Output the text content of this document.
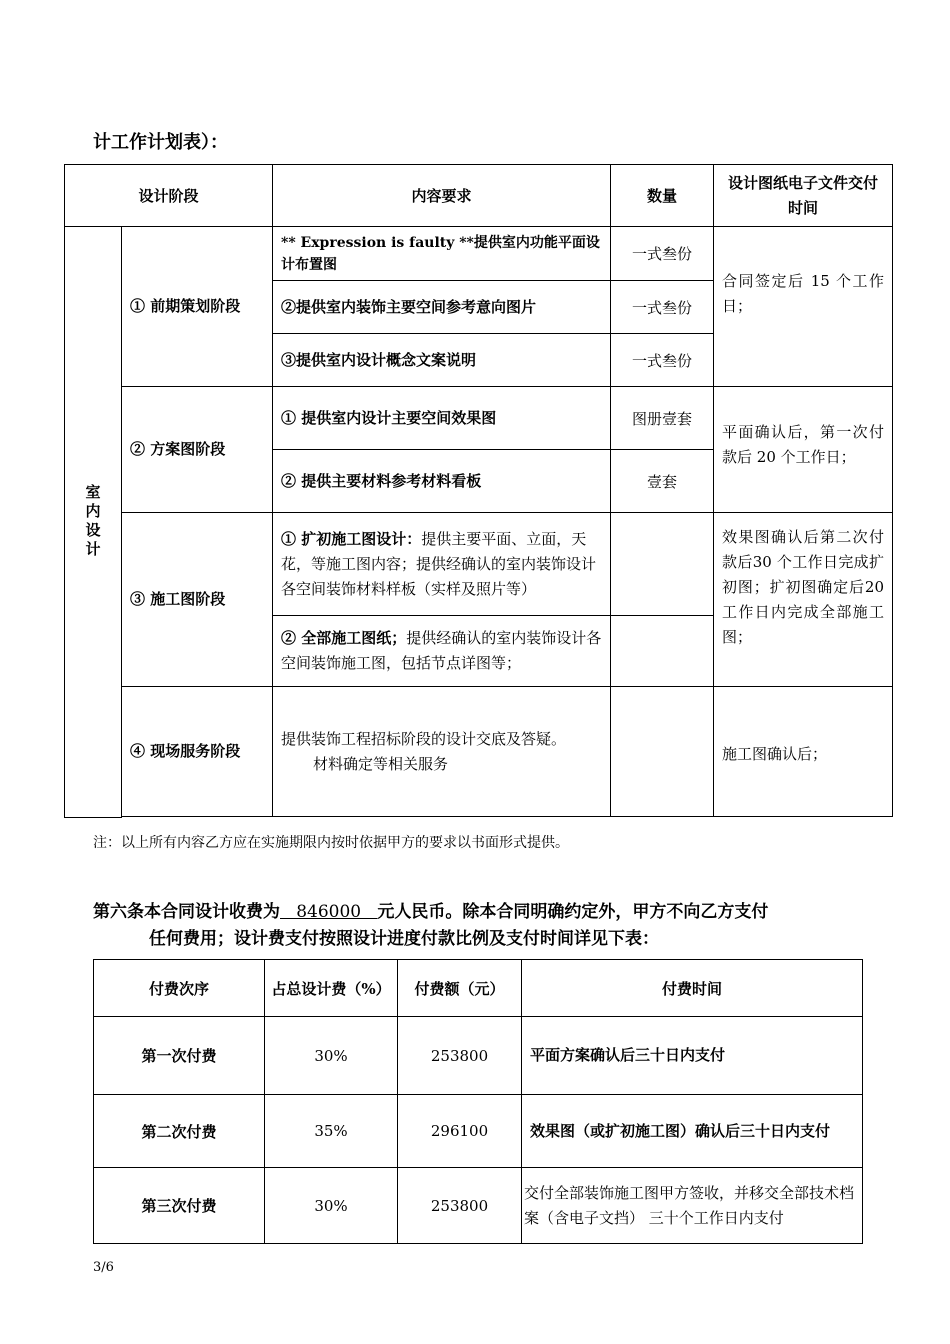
计工作计划表）：
设计阶段		内容要求	数量	设计图纸电子文件交付时间

室内设计	① 前期策划阶段	** Expression is faulty **提供室内功能平面设计布置图	一式叁份	合同签定后 15 个工作日；

		②提供室内装饰主要空间参考意向图片	一式叁份	

		③提供室内设计概念文案说明	一式叁份	

	② 方案图阶段	① 提供室内设计主要空间效果图	图册壹套	平面确认后，第一次付款后 20 个工作日；

		② 提供主要材料参考材料看板	壹套	

	③ 施工图阶段	① 扩初施工图设计：提供主要平面、立面，天花，等施工图内容；提供经确认的室内装饰设计各空间装饰材料样板（实样及照片等）		效果图确认后第二次付款后30 个工作日完成扩初图；扩初图确定后20工作日内完成全部施工图；

		② 全部施工图纸；提供经确认的室内装饰设计各空间装饰施工图，包括节点详图等；		

	④ 现场服务阶段	提供装饰工程招标阶段的设计交底及答疑。
材料确定等相关服务		施工图确认后；

注：以上所有内容乙方应在实施期限内按时依据甲方的要求以书面形式提供。
第六条本合同设计收费为   846000   元人民币。除本合同明确约定外，甲方不向乙方支付
任何费用；设计费支付按照设计进度付款比例及支付时间详见下表：
付费次序	占总设计费（%）	付费额（元）	付费时间
第一次付费	30%	253800	平面方案确认后三十日内支付

第二次付费	35%	296100	效果图（或扩初施工图）确认后三十日内支付

第三次付费	30%	253800	交付全部装饰施工图甲方签收，并移交全部技术档案（含电子文挡） 三十个工作日内支付
3/6
